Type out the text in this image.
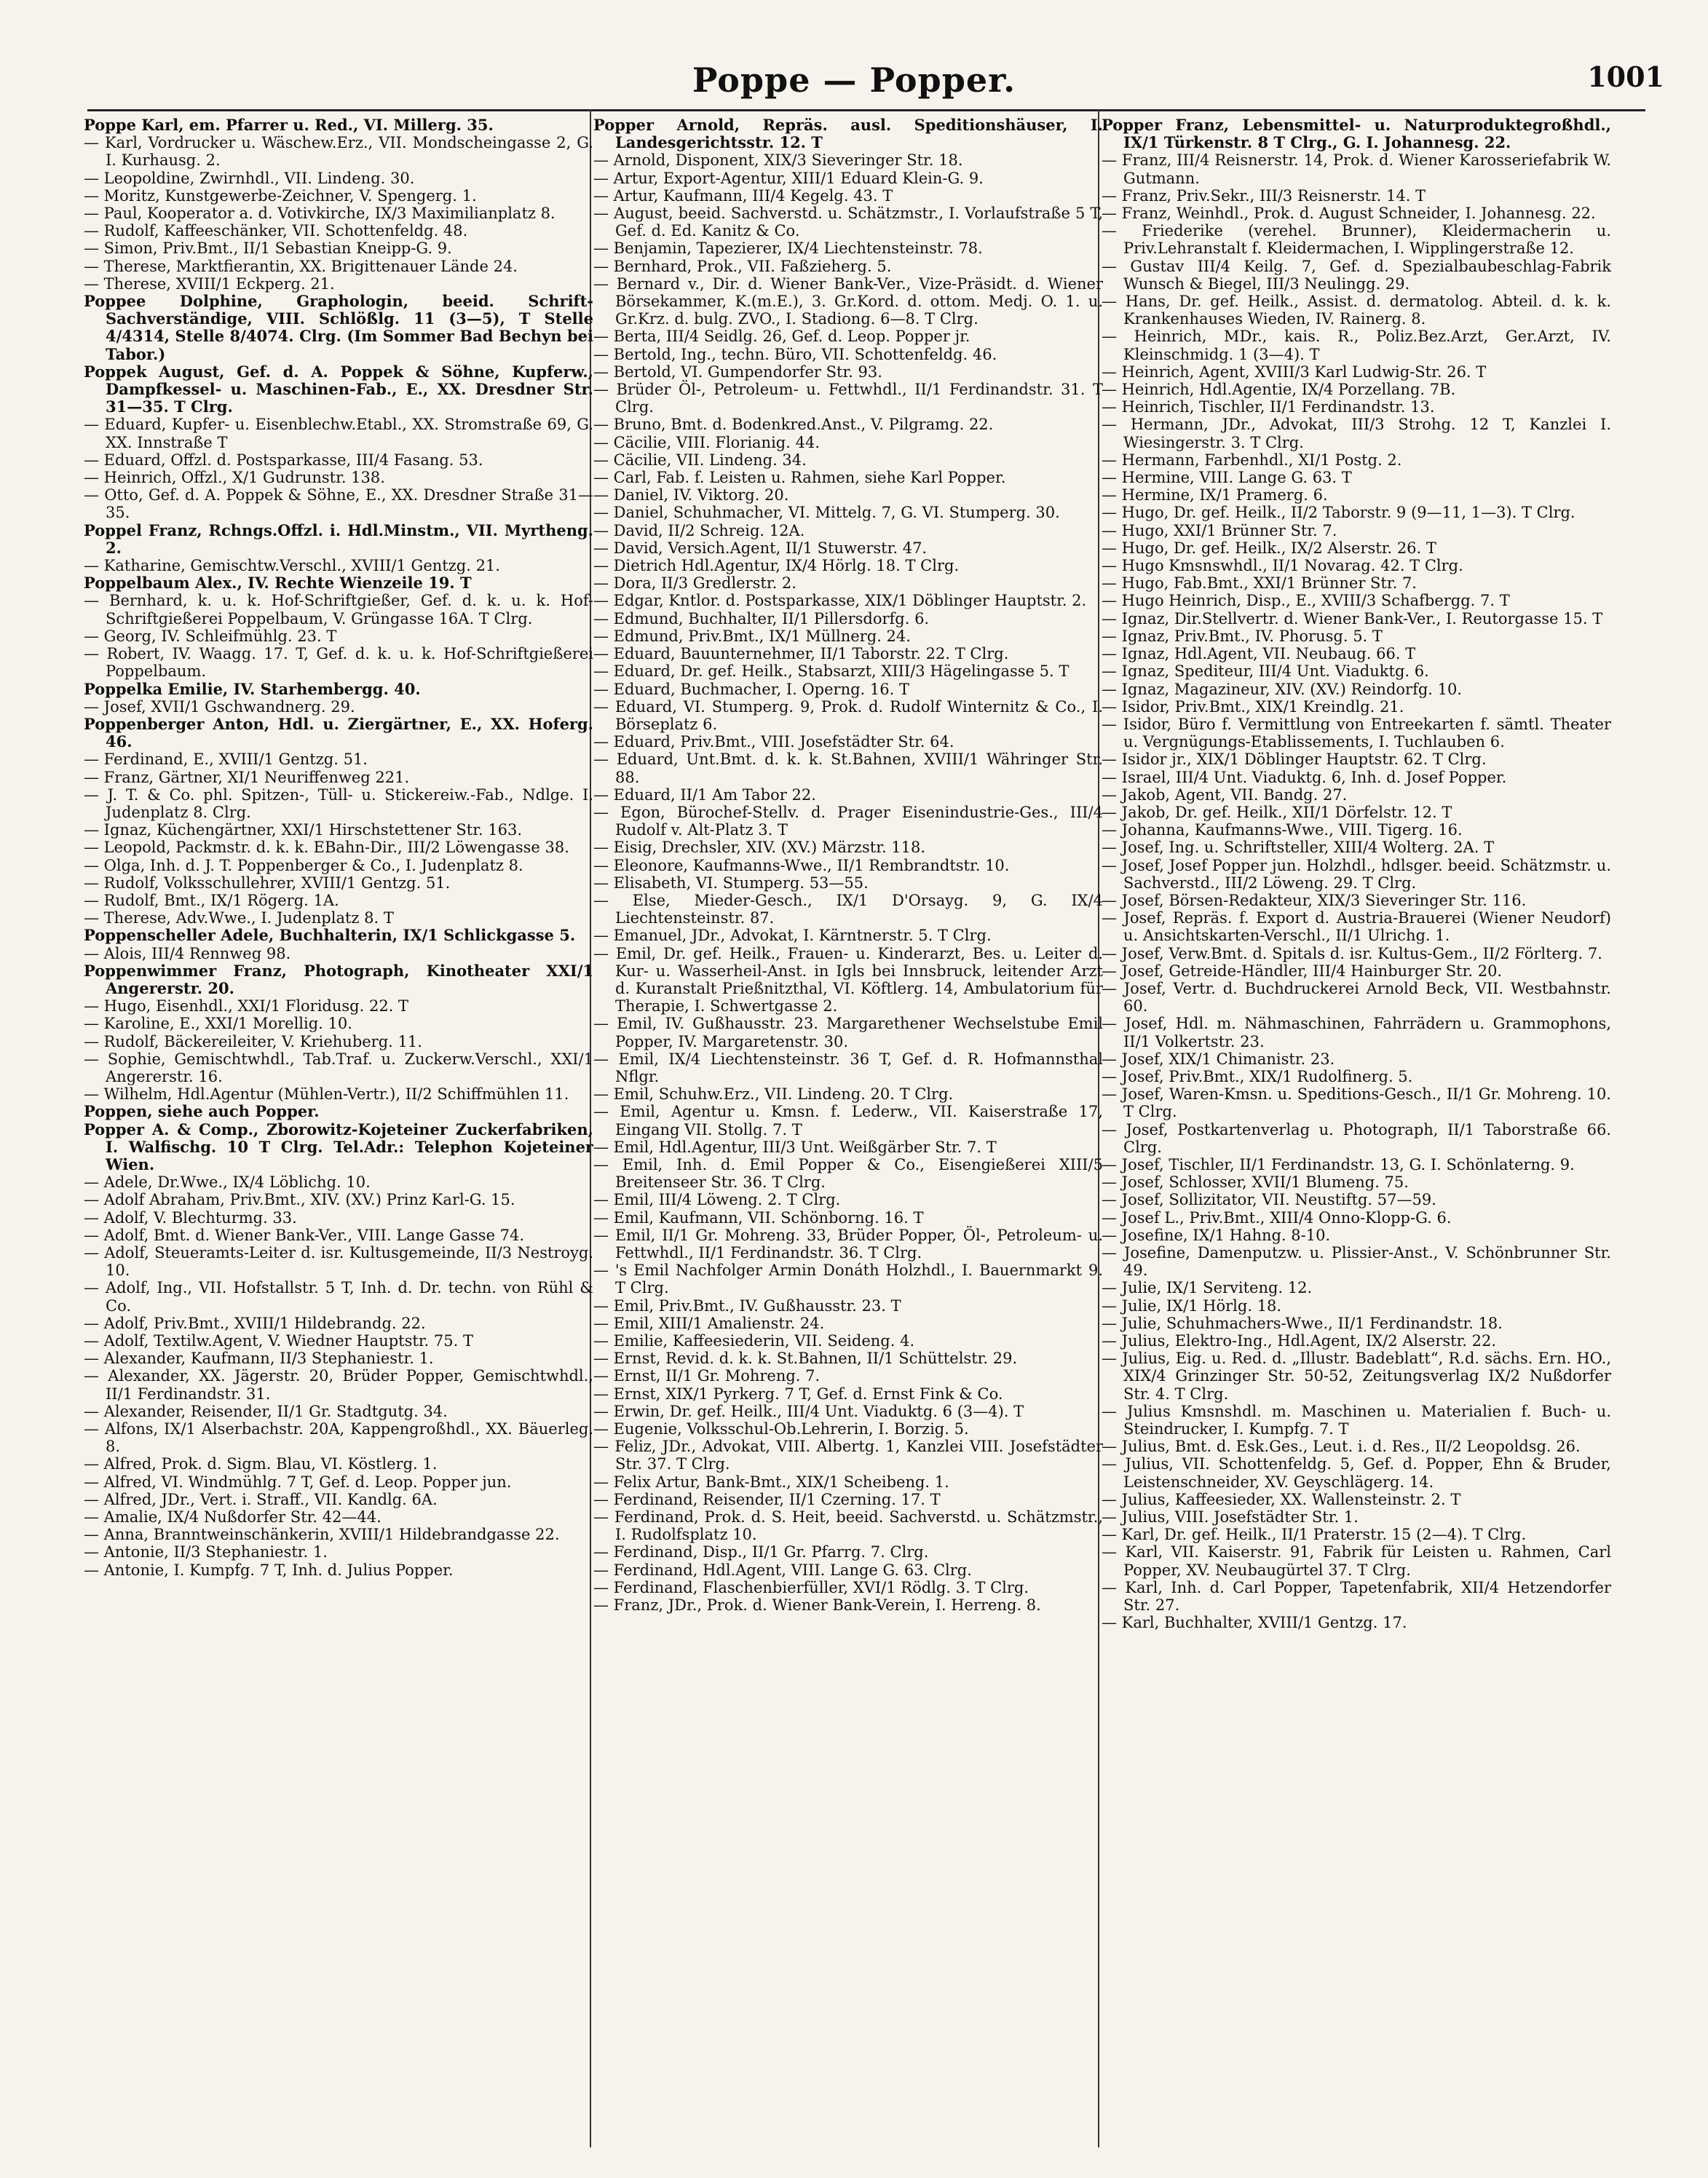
Poppe — Popper.	1001

Poppe Karl, em. Pfarrer u. Red., VI. Millerg. 35.

— Karl, Vordrucker u. Wäschew.Erz., VII. Mondscheingasse 2, G. I. Kurhausg. 2.

— Leopoldine, Zwirnhdl., VII. Lindeng. 30.

— Moritz, Kunstgewerbe-Zeichner, V. Spengerg. 1.

— Paul, Kooperator a. d. Votivkirche, IX/3 Maximilianplatz 8.

— Rudolf, Kaffeeschänker, VII. Schottenfeldg. 48.

— Simon, Priv.Bmt., II/1 Sebastian Kneipp-G. 9.

— Therese, Marktfierantin, XX. Brigittenauer Lände 24.

— Therese, XVIII/1 Eckperg. 21.

Poppee Dolphine, Graphologin, beeid. Schrift-Sachverständige, VIII. Schlößlg. 11 (3—5), T Stelle 4/4314, Stelle 8/4074. Clrg. (Im Sommer Bad Bechyn bei Tabor.)

Poppek August, Gef. d. A. Poppek & Söhne, Kupferw., Dampfkessel- u. Maschinen-Fab., E., XX. Dresdner Str. 31—35. T Clrg.

— Eduard, Kupfer- u. Eisenblechw.Etabl., XX. Stromstraße 69, G. XX. Innstraße T

— Eduard, Offzl. d. Postsparkasse, III/4 Fasang. 53.

— Heinrich, Offzl., X/1 Gudrunstr. 138.

— Otto, Gef. d. A. Poppek & Söhne, E., XX. Dresdner Straße 31—35.

Poppel Franz, Rchngs.Offzl. i. Hdl.Minstm., VII. Myrtheng. 2.

— Katharine, Gemischtw.Verschl., XVIII/1 Gentzg. 21.

Poppelbaum Alex., IV. Rechte Wienzeile 19. T

— Bernhard, k. u. k. Hof-Schriftgießer, Gef. d. k. u. k. Hof-Schriftgießerei Poppelbaum, V. Grüngasse 16A. T Clrg.

— Georg, IV. Schleifmühlg. 23. T

— Robert, IV. Waagg. 17. T, Gef. d. k. u. k. Hof-Schriftgießerei Poppelbaum.

Poppelka Emilie, IV. Starhembergg. 40.

— Josef, XVII/1 Gschwandnerg. 29.

Poppenberger Anton, Hdl. u. Ziergärtner, E., XX. Hoferg. 46.

— Ferdinand, E., XVIII/1 Gentzg. 51.

— Franz, Gärtner, XI/1 Neuriffenweg 221.

— J. T. & Co. phl. Spitzen-, Tüll- u. Stickereiw.-Fab., Ndlge. I. Judenplatz 8. Clrg.

— Ignaz, Küchengärtner, XXI/1 Hirschstettener Str. 163.

— Leopold, Packmstr. d. k. k. EBahn-Dir., III/2 Löwengasse 38.

— Olga, Inh. d. J. T. Poppenberger & Co., I. Judenplatz 8.

— Rudolf, Volksschullehrer, XVIII/1 Gentzg. 51.

— Rudolf, Bmt., IX/1 Rögerg. 1A.

— Therese, Adv.Wwe., I. Judenplatz 8. T

Poppenscheller Adele, Buchhalterin, IX/1 Schlickgasse 5.

— Alois, III/4 Rennweg 98.

Poppenwimmer Franz, Photograph, Kinotheater XXI/1 Angererstr. 20.

— Hugo, Eisenhdl., XXI/1 Floridusg. 22. T

— Karoline, E., XXI/1 Morellig. 10.

— Rudolf, Bäckereileiter, V. Kriehuberg. 11.

— Sophie, Gemischtwhdl., Tab.Traf. u. Zuckerw.Verschl., XXI/1 Angererstr. 16.

— Wilhelm, Hdl.Agentur (Mühlen-Vertr.), II/2 Schiffmühlen 11.

Poppen, siehe auch Popper.

Popper A. & Comp., Zborowitz-Kojeteiner Zuckerfabriken, I. Walfischg. 10 T Clrg. Tel.Adr.: Telephon Kojeteiner Wien.

— Adele, Dr.Wwe., IX/4 Löblichg. 10.

— Adolf Abraham, Priv.Bmt., XIV. (XV.) Prinz Karl-G. 15.

— Adolf, V. Blechturmg. 33.

— Adolf, Bmt. d. Wiener Bank-Ver., VIII. Lange Gasse 74.

— Adolf, Steueramts-Leiter d. isr. Kultusgemeinde, II/3 Nestroyg. 10.

— Adolf, Ing., VII. Hofstallstr. 5 T, Inh. d. Dr. techn. von Rühl & Co.

— Adolf, Priv.Bmt., XVIII/1 Hildebrandg. 22.

— Adolf, Textilw.Agent, V. Wiedner Hauptstr. 75. T

— Alexander, Kaufmann, II/3 Stephaniestr. 1.

— Alexander, XX. Jägerstr. 20, Brüder Popper, Gemischtwhdl., II/1 Ferdinandstr. 31.

— Alexander, Reisender, II/1 Gr. Stadtgutg. 34.

— Alfons, IX/1 Alserbachstr. 20A, Kappengroßhdl., XX. Bäuerleg. 8.

— Alfred, Prok. d. Sigm. Blau, VI. Köstlerg. 1.

— Alfred, VI. Windmühlg. 7 T, Gef. d. Leop. Popper jun.

— Alfred, JDr., Vert. i. Straff., VII. Kandlg. 6A.

— Amalie, IX/4 Nußdorfer Str. 42—44.

— Anna, Branntweinschänkerin, XVIII/1 Hildebrandgasse 22.

— Antonie, II/3 Stephaniestr. 1.

— Antonie, I. Kumpfg. 7 T, Inh. d. Julius Popper.

Popper Arnold, Repräs. ausl. Speditionshäuser, I. Landesgerichtsstr. 12. T

— Arnold, Disponent, XIX/3 Sieveringer Str. 18.

— Artur, Export-Agentur, XIII/1 Eduard Klein-G. 9.

— Artur, Kaufmann, III/4 Kegelg. 43. T

— August, beeid. Sachverstd. u. Schätzmstr., I. Vorlaufstraße 5 T, Gef. d. Ed. Kanitz & Co.

— Benjamin, Tapezierer, IX/4 Liechtensteinstr. 78.

— Bernhard, Prok., VII. Faßzieherg. 5.

— Bernard v., Dir. d. Wiener Bank-Ver., Vize-Präsidt. d. Wiener Börsekammer, K.(m.E.), 3. Gr.Kord. d. ottom. Medj. O. 1. u. Gr.Krz. d. bulg. ZVO., I. Stadiong. 6—8. T Clrg.

— Berta, III/4 Seidlg. 26, Gef. d. Leop. Popper jr.

— Bertold, Ing., techn. Büro, VII. Schottenfeldg. 46.

— Bertold, VI. Gumpendorfer Str. 93.

— Brüder Öl-, Petroleum- u. Fettwhdl., II/1 Ferdinandstr. 31. T Clrg.

— Bruno, Bmt. d. Bodenkred.Anst., V. Pilgramg. 22.

— Cäcilie, VIII. Florianig. 44.

— Cäcilie, VII. Lindeng. 34.

— Carl, Fab. f. Leisten u. Rahmen, siehe Karl Popper.

— Daniel, IV. Viktorg. 20.

— Daniel, Schuhmacher, VI. Mittelg. 7, G. VI. Stumperg. 30.

— David, II/2 Schreig. 12A.

— David, Versich.Agent, II/1 Stuwerstr. 47.

— Dietrich Hdl.Agentur, IX/4 Hörlg. 18. T Clrg.

— Dora, II/3 Gredlerstr. 2.

— Edgar, Kntlor. d. Postsparkasse, XIX/1 Döblinger Hauptstr. 2.

— Edmund, Buchhalter, II/1 Pillersdorfg. 6.

— Edmund, Priv.Bmt., IX/1 Müllnerg. 24.

— Eduard, Bauunternehmer, II/1 Taborstr. 22. T Clrg.

— Eduard, Dr. gef. Heilk., Stabsarzt, XIII/3 Hägelingasse 5. T

— Eduard, Buchmacher, I. Operng. 16. T

— Eduard, VI. Stumperg. 9, Prok. d. Rudolf Winternitz & Co., I. Börseplatz 6.

— Eduard, Priv.Bmt., VIII. Josefstädter Str. 64.

— Eduard, Unt.Bmt. d. k. k. St.Bahnen, XVIII/1 Währinger Str. 88.

— Eduard, II/1 Am Tabor 22.

— Egon, Bürochef-Stellv. d. Prager Eisenindustrie-Ges., III/4 Rudolf v. Alt-Platz 3. T

— Eisig, Drechsler, XIV. (XV.) Märzstr. 118.

— Eleonore, Kaufmanns-Wwe., II/1 Rembrandtstr. 10.

— Elisabeth, VI. Stumperg. 53—55.

— Else, Mieder-Gesch., IX/1 D'Orsayg. 9, G. IX/4 Liechtensteinstr. 87.

— Emanuel, JDr., Advokat, I. Kärntnerstr. 5. T Clrg.

— Emil, Dr. gef. Heilk., Frauen- u. Kinderarzt, Bes. u. Leiter d. Kur- u. Wasserheil-Anst. in Igls bei Innsbruck, leitender Arzt d. Kuranstalt Prießnitzthal, VI. Köftlerg. 14, Ambulatorium für Therapie, I. Schwertgasse 2.

— Emil, IV. Gußhausstr. 23. Margarethener Wechselstube Emil Popper, IV. Margaretenstr. 30.

— Emil, IX/4 Liechtensteinstr. 36 T, Gef. d. R. Hofmannsthal Nflgr.

— Emil, Schuhw.Erz., VII. Lindeng. 20. T Clrg.

— Emil, Agentur u. Kmsn. f. Lederw., VII. Kaiserstraße 17, Eingang VII. Stollg. 7. T

— Emil, Hdl.Agentur, III/3 Unt. Weißgärber Str. 7. T

— Emil, Inh. d. Emil Popper & Co., Eisengießerei XIII/5 Breitenseer Str. 36. T Clrg.

— Emil, III/4 Löweng. 2. T Clrg.

— Emil, Kaufmann, VII. Schönborng. 16. T

— Emil, II/1 Gr. Mohreng. 33, Brüder Popper, Öl-, Petroleum- u. Fettwhdl., II/1 Ferdinandstr. 36. T Clrg.

— 's Emil Nachfolger Armin Donáth Holzhdl., I. Bauernmarkt 9. T Clrg.

— Emil, Priv.Bmt., IV. Gußhausstr. 23. T

— Emil, XIII/1 Amalienstr. 24.

— Emilie, Kaffeesiederin, VII. Seideng. 4.

— Ernst, Revid. d. k. k. St.Bahnen, II/1 Schüttelstr. 29.

— Ernst, II/1 Gr. Mohreng. 7.

— Ernst, XIX/1 Pyrkerg. 7 T, Gef. d. Ernst Fink & Co.

— Erwin, Dr. gef. Heilk., III/4 Unt. Viaduktg. 6 (3—4). T

— Eugenie, Volksschul-Ob.Lehrerin, I. Borzig. 5.

— Feliz, JDr., Advokat, VIII. Albertg. 1, Kanzlei VIII. Josefstädter Str. 37. T Clrg.

— Felix Artur, Bank-Bmt., XIX/1 Scheibeng. 1.

— Ferdinand, Reisender, II/1 Czerning. 17. T

— Ferdinand, Prok. d. S. Heit, beeid. Sachverstd. u. Schätzmstr., I. Rudolfsplatz 10.

— Ferdinand, Disp., II/1 Gr. Pfarrg. 7. Clrg.

— Ferdinand, Hdl.Agent, VIII. Lange G. 63. Clrg.

— Ferdinand, Flaschenbierfüller, XVI/1 Rödlg. 3. T Clrg.

— Franz, JDr., Prok. d. Wiener Bank-Verein, I. Herreng. 8.

Popper Franz, Lebensmittel- u. Naturproduktegroßhdl., IX/1 Türkenstr. 8 T Clrg., G. I. Johannesg. 22.

— Franz, III/4 Reisnerstr. 14, Prok. d. Wiener Karosseriefabrik W. Gutmann.

— Franz, Priv.Sekr., III/3 Reisnerstr. 14. T

— Franz, Weinhdl., Prok. d. August Schneider, I. Johannesg. 22.

— Friederike (verehel. Brunner), Kleidermacherin u. Priv.Lehranstalt f. Kleidermachen, I. Wipplingerstraße 12.

— Gustav III/4 Keilg. 7, Gef. d. Spezialbaubeschlag-Fabrik Wunsch & Biegel, III/3 Neulingg. 29.

— Hans, Dr. gef. Heilk., Assist. d. dermatolog. Abteil. d. k. k. Krankenhauses Wieden, IV. Rainerg. 8.

— Heinrich, MDr., kais. R., Poliz.Bez.Arzt, Ger.Arzt, IV. Kleinschmidg. 1 (3—4). T

— Heinrich, Agent, XVIII/3 Karl Ludwig-Str. 26. T

— Heinrich, Hdl.Agentie, IX/4 Porzellang. 7B.

— Heinrich, Tischler, II/1 Ferdinandstr. 13.

— Hermann, JDr., Advokat, III/3 Strohg. 12 T, Kanzlei I. Wiesingerstr. 3. T Clrg.

— Hermann, Farbenhdl., XI/1 Postg. 2.

— Hermine, VIII. Lange G. 63. T

— Hermine, IX/1 Pramerg. 6.

— Hugo, Dr. gef. Heilk., II/2 Taborstr. 9 (9—11, 1—3). T Clrg.

— Hugo, XXI/1 Brünner Str. 7.

— Hugo, Dr. gef. Heilk., IX/2 Alserstr. 26. T

— Hugo Kmsnswhdl., II/1 Novarag. 42. T Clrg.

— Hugo, Fab.Bmt., XXI/1 Brünner Str. 7.

— Hugo Heinrich, Disp., E., XVIII/3 Schafbergg. 7. T

— Ignaz, Dir.Stellvertr. d. Wiener Bank-Ver., I. Reutorgasse 15. T

— Ignaz, Priv.Bmt., IV. Phorusg. 5. T

— Ignaz, Hdl.Agent, VII. Neubaug. 66. T

— Ignaz, Spediteur, III/4 Unt. Viaduktg. 6.

— Ignaz, Magazineur, XIV. (XV.) Reindorfg. 10.

— Isidor, Priv.Bmt., XIX/1 Kreindlg. 21.

— Isidor, Büro f. Vermittlung von Entreekarten f. sämtl. Theater u. Vergnügungs-Etablissements, I. Tuchlauben 6.

— Isidor jr., XIX/1 Döblinger Hauptstr. 62. T Clrg.

— Israel, III/4 Unt. Viaduktg. 6, Inh. d. Josef Popper.

— Jakob, Agent, VII. Bandg. 27.

— Jakob, Dr. gef. Heilk., XII/1 Dörfelstr. 12. T

— Johanna, Kaufmanns-Wwe., VIII. Tigerg. 16.

— Josef, Ing. u. Schriftsteller, XIII/4 Wolterg. 2A. T

— Josef, Josef Popper jun. Holzhdl., hdlsger. beeid. Schätzmstr. u. Sachverstd., III/2 Löweng. 29. T Clrg.

— Josef, Börsen-Redakteur, XIX/3 Sieveringer Str. 116.

— Josef, Repräs. f. Export d. Austria-Brauerei (Wiener Neudorf) u. Ansichtskarten-Verschl., II/1 Ulrichg. 1.

— Josef, Verw.Bmt. d. Spitals d. isr. Kultus-Gem., II/2 Förlterg. 7.

— Josef, Getreide-Händler, III/4 Hainburger Str. 20.

— Josef, Vertr. d. Buchdruckerei Arnold Beck, VII. Westbahnstr. 60.

— Josef, Hdl. m. Nähmaschinen, Fahrrädern u. Grammophons, II/1 Volkertstr. 23.

— Josef, XIX/1 Chimanistr. 23.

— Josef, Priv.Bmt., XIX/1 Rudolfinerg. 5.

— Josef, Waren-Kmsn. u. Speditions-Gesch., II/1 Gr. Mohreng. 10. T Clrg.

— Josef, Postkartenverlag u. Photograph, II/1 Taborstraße 66. Clrg.

— Josef, Tischler, II/1 Ferdinandstr. 13, G. I. Schönlaterng. 9.

— Josef, Schlosser, XVII/1 Blumeng. 75.

— Josef, Sollizitator, VII. Neustiftg. 57—59.

— Josef L., Priv.Bmt., XIII/4 Onno-Klopp-G. 6.

— Josefine, IX/1 Hahng. 8-10.

— Josefine, Damenputzw. u. Plissier-Anst., V. Schönbrunner Str. 49.

— Julie, IX/1 Serviteng. 12.

— Julie, IX/1 Hörlg. 18.

— Julie, Schuhmachers-Wwe., II/1 Ferdinandstr. 18.

— Julius, Elektro-Ing., Hdl.Agent, IX/2 Alserstr. 22.

— Julius, Eig. u. Red. d. „Illustr. Badeblatt“, R.d. sächs. Ern. HO., XIX/4 Grinzinger Str. 50-52, Zeitungsverlag IX/2 Nußdorfer Str. 4. T Clrg.

— Julius Kmsnshdl. m. Maschinen u. Materialien f. Buch- u. Steindrucker, I. Kumpfg. 7. T

— Julius, Bmt. d. Esk.Ges., Leut. i. d. Res., II/2 Leopoldsg. 26.

— Julius, VII. Schottenfeldg. 5, Gef. d. Popper, Ehn & Bruder, Leistenschneider, XV. Geyschlägerg. 14.

— Julius, Kaffeesieder, XX. Wallensteinstr. 2. T

— Julius, VIII. Josefstädter Str. 1.

— Karl, Dr. gef. Heilk., II/1 Praterstr. 15 (2—4). T Clrg.

— Karl, VII. Kaiserstr. 91, Fabrik für Leisten u. Rahmen, Carl Popper, XV. Neubaugürtel 37. T Clrg.

— Karl, Inh. d. Carl Popper, Tapetenfabrik, XII/4 Hetzendorfer Str. 27.

— Karl, Buchhalter, XVIII/1 Gentzg. 17.
